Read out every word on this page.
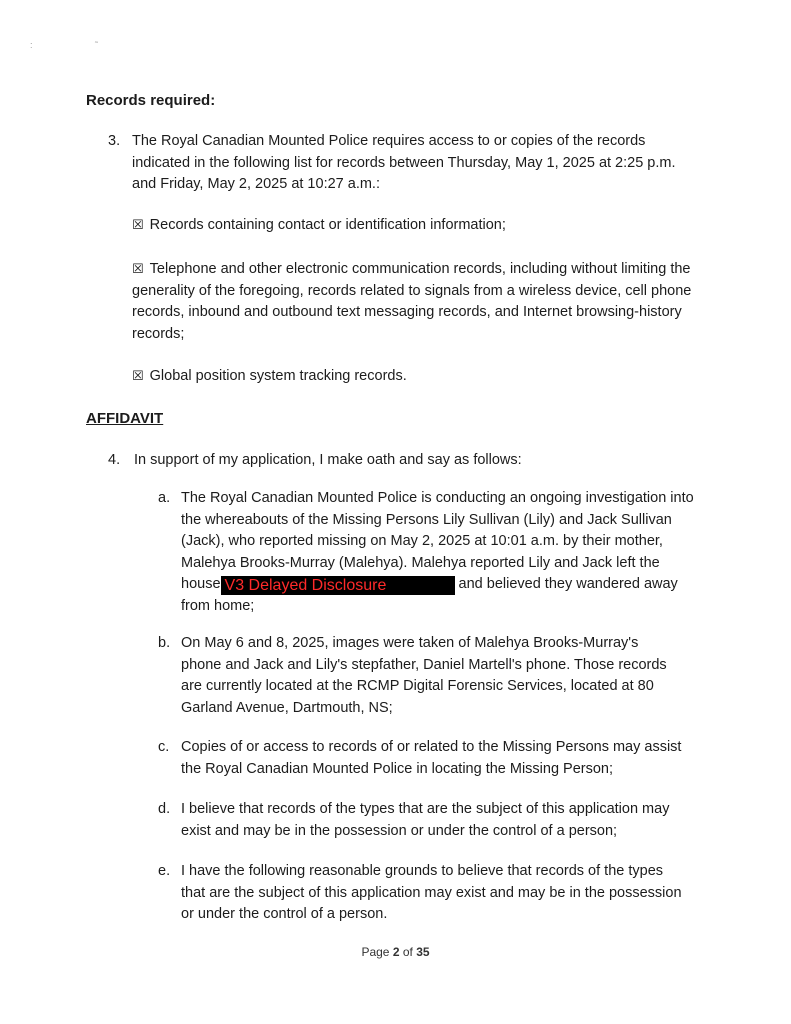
: ˜
Records required:
3. The Royal Canadian Mounted Police requires access to or copies of the records indicated in the following list for records between Thursday, May 1, 2025 at 2:25 p.m. and Friday, May 2, 2025 at 10:27 a.m.:
☒ Records containing contact or identification information;
☒ Telephone and other electronic communication records, including without limiting the generality of the foregoing, records related to signals from a wireless device, cell phone records, inbound and outbound text messaging records, and Internet browsing-history records;
☒ Global position system tracking records.
AFFIDAVIT
4. In support of my application, I make oath and say as follows:
a. The Royal Canadian Mounted Police is conducting an ongoing investigation into the whereabouts of the Missing Persons Lily Sullivan (Lily) and Jack Sullivan (Jack), who reported missing on May 2, 2025 at 10:01 a.m. by their mother, Malehya Brooks-Murray (Malehya). Malehya reported Lily and Jack left the house V3 Delayed Disclosure	and believed they wandered away from home;
b. On May 6 and 8, 2025, images were taken of Malehya Brooks-Murray's phone and Jack and Lily's stepfather, Daniel Martell's phone. Those records are currently located at the RCMP Digital Forensic Services, located at 80 Garland Avenue, Dartmouth, NS;
c. Copies of or access to records of or related to the Missing Persons may assist the Royal Canadian Mounted Police in locating the Missing Person;
d. I believe that records of the types that are the subject of this application may exist and may be in the possession or under the control of a person;
e. I have the following reasonable grounds to believe that records of the types that are the subject of this application may exist and may be in the possession or under the control of a person.
Page 2 of 35
